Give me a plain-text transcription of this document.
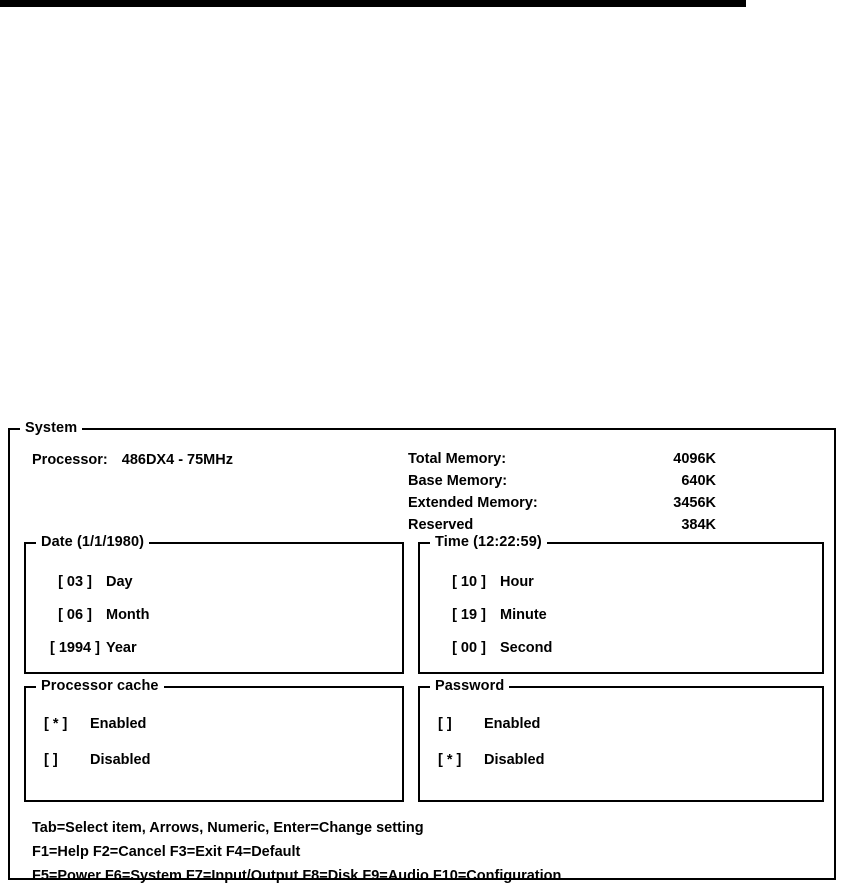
System
Processor: 486DX4 - 75MHz	Total Memory:	4096K
Base Memory:	640K
Extended Memory:	3456K
Reserved	384K
Date (1/1/1980)
[ 03 ] Day
[ 06 ] Month
[ 1994 ] Year
Time (12:22:59)
[ 10 ] Hour
[ 19 ] Minute
[ 00 ] Second
Processor cache
[ * ] Enabled
[ ] Disabled
Password
[ ] Enabled
[ * ] Disabled
Tab=Select item, Arrows, Numeric, Enter=Change setting
F1=Help F2=Cancel F3=Exit F4=Default
F5=Power F6=System F7=Input/Output F8=Disk F9=Audio F10=Configuration
